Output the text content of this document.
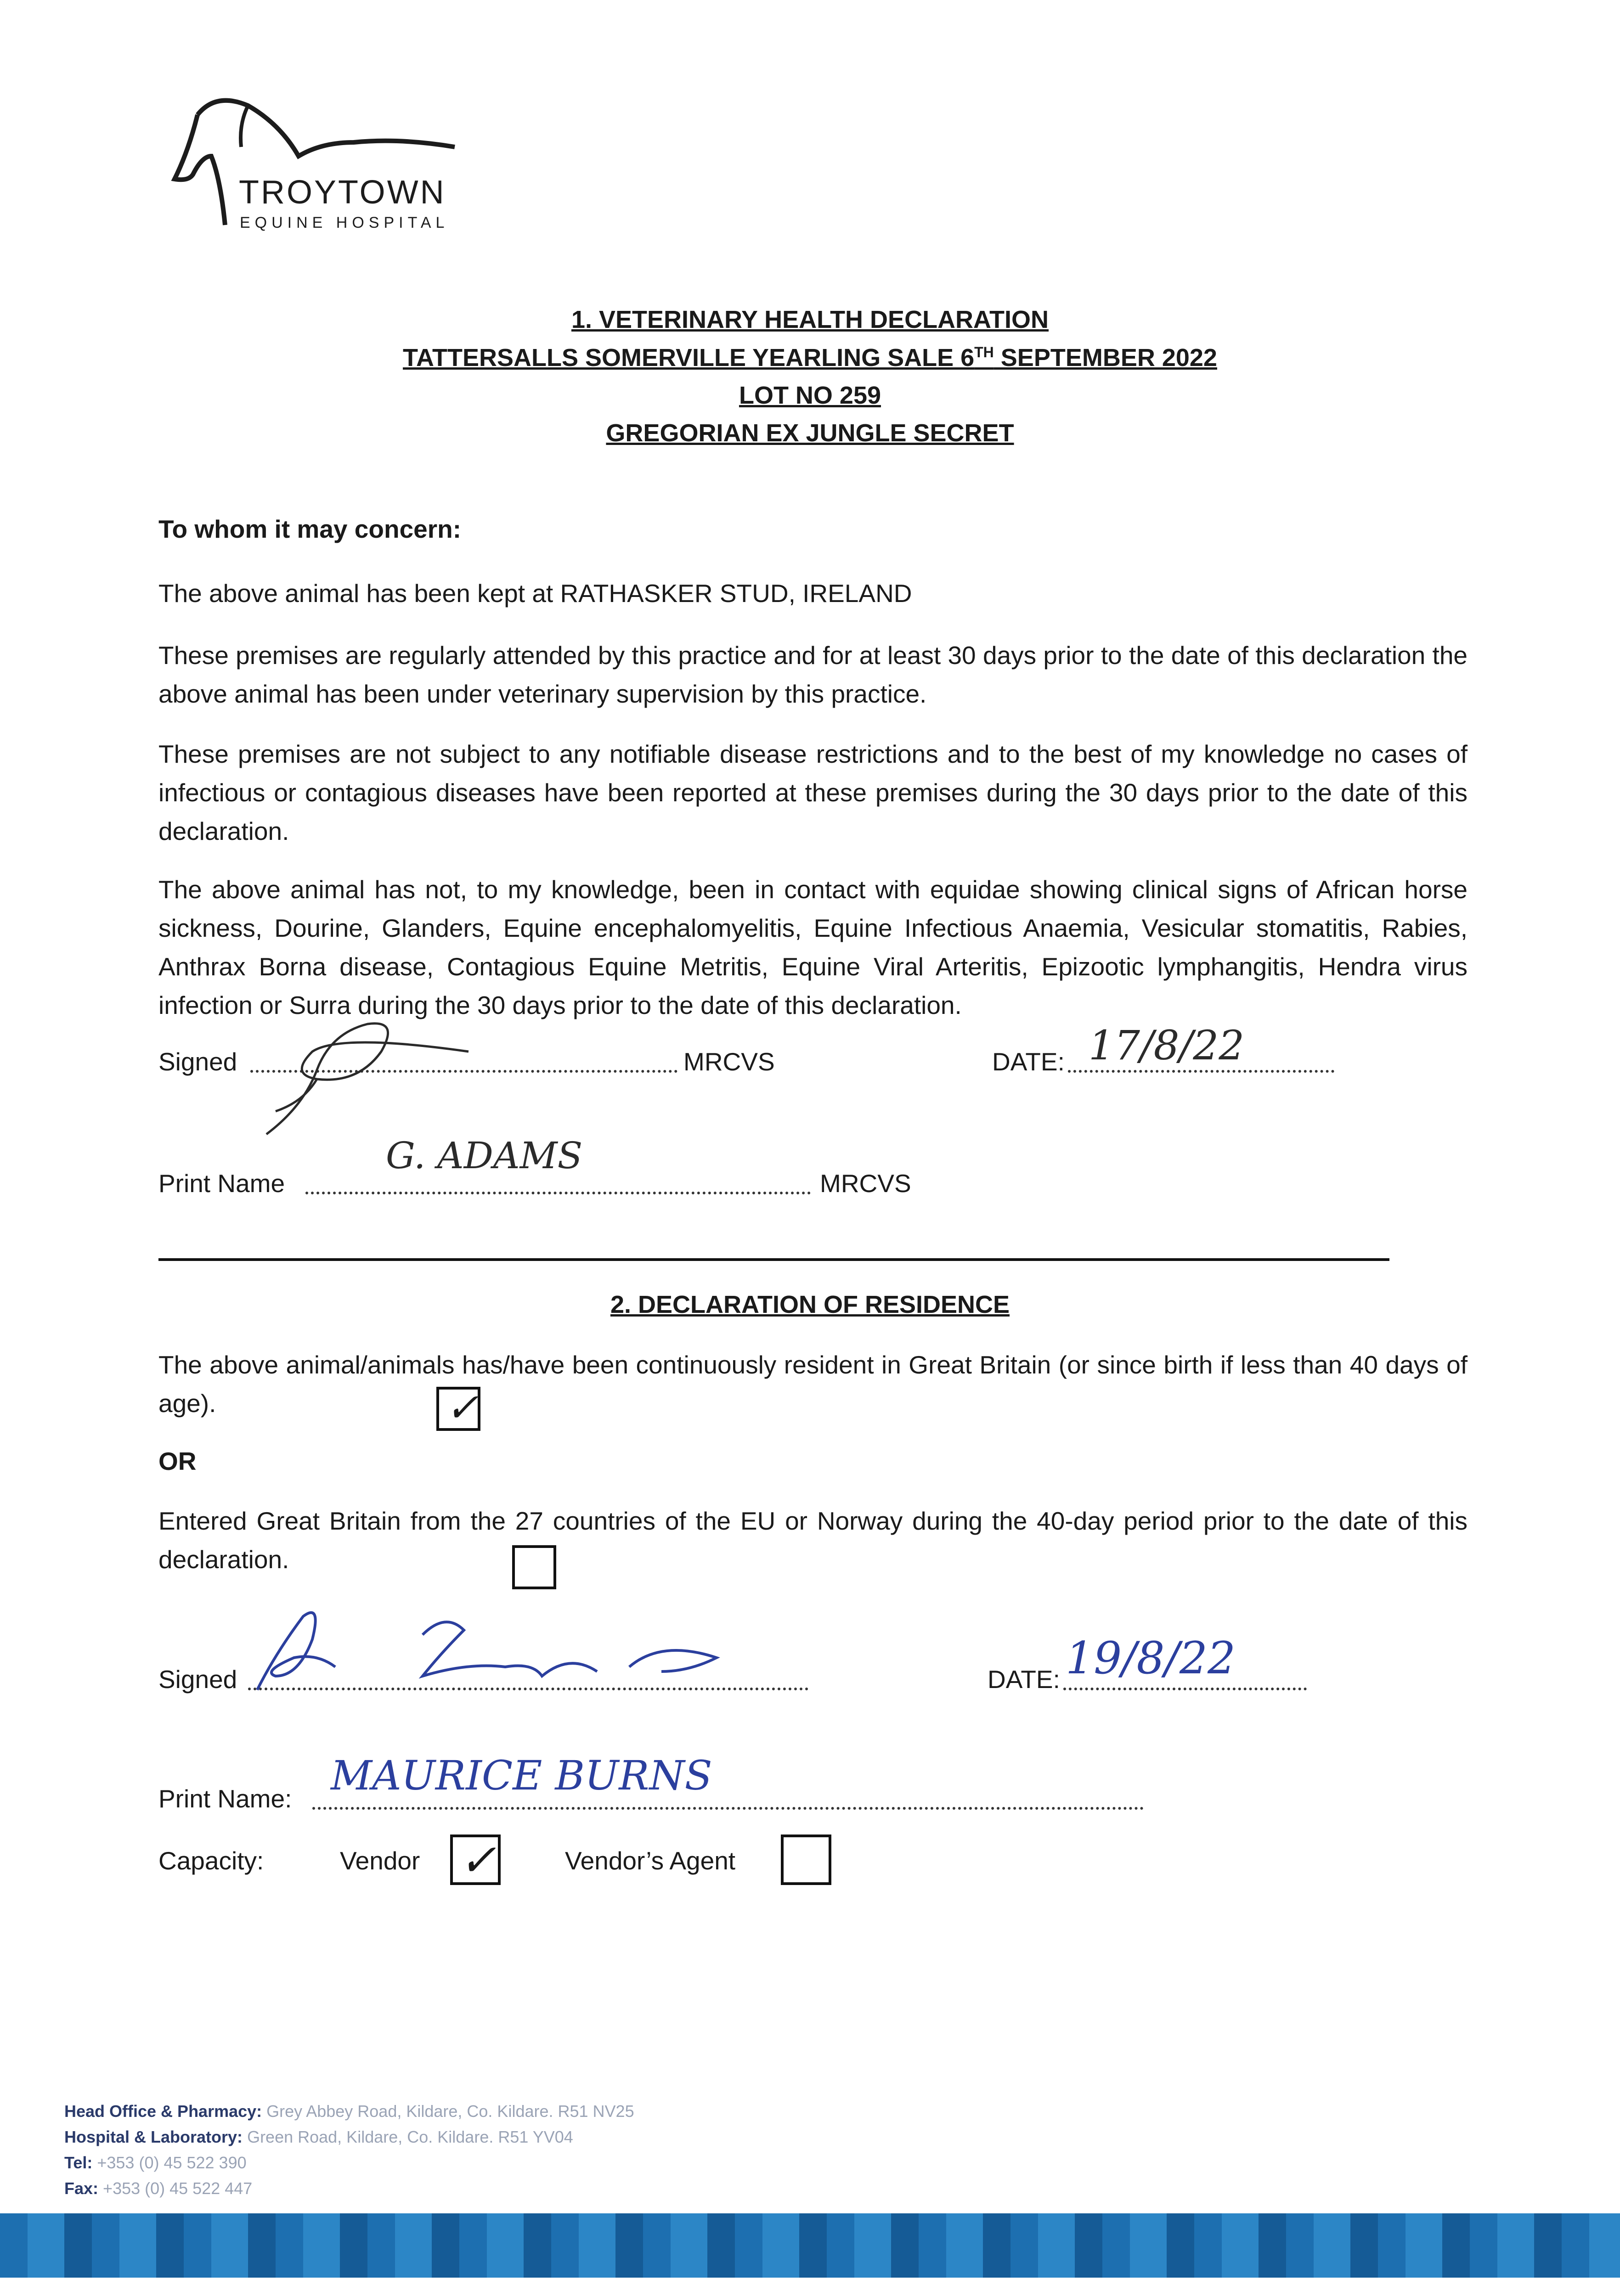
TROYTOWN
EQUINE HOSPITAL
1. VETERINARY HEALTH DECLARATION
TATTERSALLS SOMERVILLE YEARLING SALE 6TH SEPTEMBER 2022
LOT NO 259
GREGORIAN EX JUNGLE SECRET
To whom it may concern:
The above animal has been kept at RATHASKER STUD, IRELAND
These premises are regularly attended by this practice and for at least 30 days prior to the date of this declaration the above animal has been under veterinary supervision by this practice.
These premises are not subject to any notifiable disease restrictions and to the best of my knowledge no cases of infectious or contagious diseases have been reported at these premises during the 30 days prior to the date of this declaration.
The above animal has not, to my knowledge, been in contact with equidae showing clinical signs of African horse sickness, Dourine, Glanders, Equine encephalomyelitis, Equine Infectious Anaemia, Vesicular stomatitis, Rabies, Anthrax Borna disease, Contagious Equine Metritis, Equine Viral Arteritis, Epizootic lymphangitis, Hendra virus infection or Surra during the 30 days prior to the date of this declaration.
Signed	MRCVS	DATE: 17/8/22
Print Name	MRCVS
G. ADAMS
2. DECLARATION OF RESIDENCE
The above animal/animals has/have been continuously resident in Great Britain (or since birth if less than 40 days of age).	✓
OR
Entered Great Britain from the 27 countries of the EU or Norway during the 40-day period prior to the date of this declaration.
Signed	DATE: 19/8/22
Print Name: MAURICE BURNS
Capacity:	Vendor ✓	Vendor’s Agent
Head Office & Pharmacy: Grey Abbey Road, Kildare, Co. Kildare. R51 NV25
Hospital & Laboratory: Green Road, Kildare, Co. Kildare. R51 YV04
Tel: +353 (0) 45 522 390
Fax: +353 (0) 45 522 447
